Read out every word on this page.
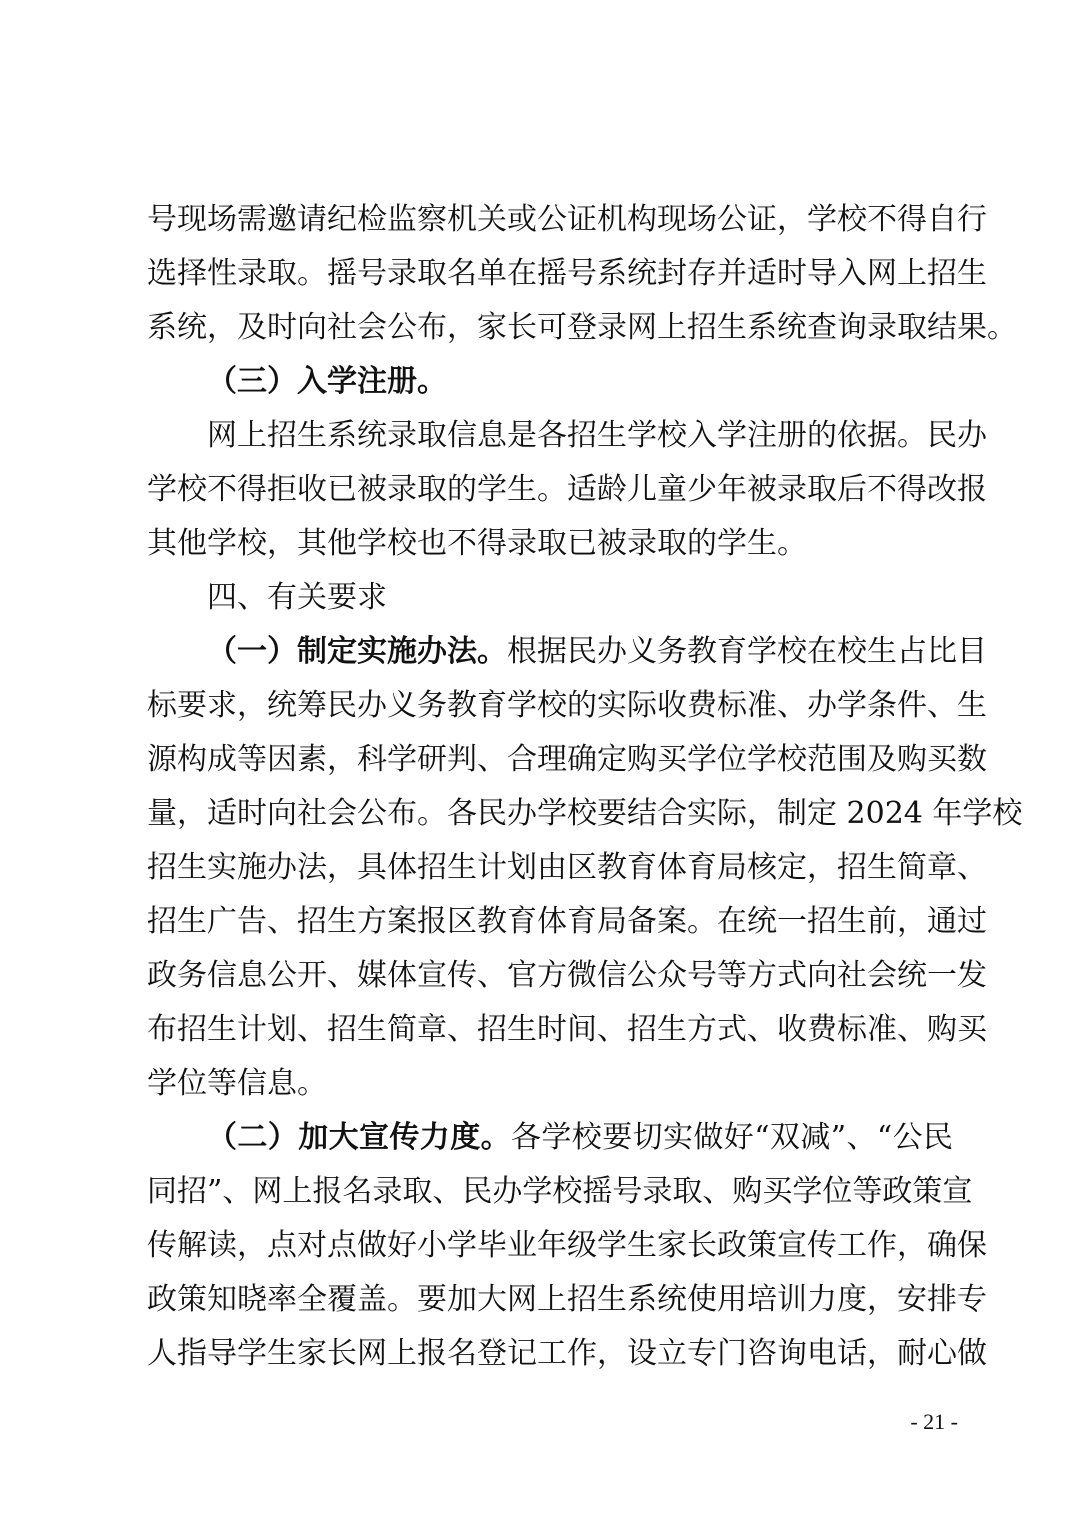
号现场需邀请纪检监察机关或公证机构现场公证，学校不得自行
选择性录取。摇号录取名单在摇号系统封存并适时导入网上招生
系统，及时向社会公布，家长可登录网上招生系统查询录取结果。
（三）入学注册。
网上招生系统录取信息是各招生学校入学注册的依据。民办
学校不得拒收已被录取的学生。适龄儿童少年被录取后不得改报
其他学校，其他学校也不得录取已被录取的学生。
四、有关要求
（一）制定实施办法。根据民办义务教育学校在校生占比目
标要求，统筹民办义务教育学校的实际收费标准、办学条件、生
源构成等因素，科学研判、合理确定购买学位学校范围及购买数
量，适时向社会公布。各民办学校要结合实际，制定 2024 年学校
招生实施办法，具体招生计划由区教育体育局核定，招生简章、
招生广告、招生方案报区教育体育局备案。在统一招生前，通过
政务信息公开、媒体宣传、官方微信公众号等方式向社会统一发
布招生计划、招生简章、招生时间、招生方式、收费标准、购买
学位等信息。
（二）加大宣传力度。各学校要切实做好“双减”、“公民
同招”、网上报名录取、民办学校摇号录取、购买学位等政策宣
传解读，点对点做好小学毕业年级学生家长政策宣传工作，确保
政策知晓率全覆盖。要加大网上招生系统使用培训力度，安排专
人指导学生家长网上报名登记工作，设立专门咨询电话，耐心做
- 21 -
